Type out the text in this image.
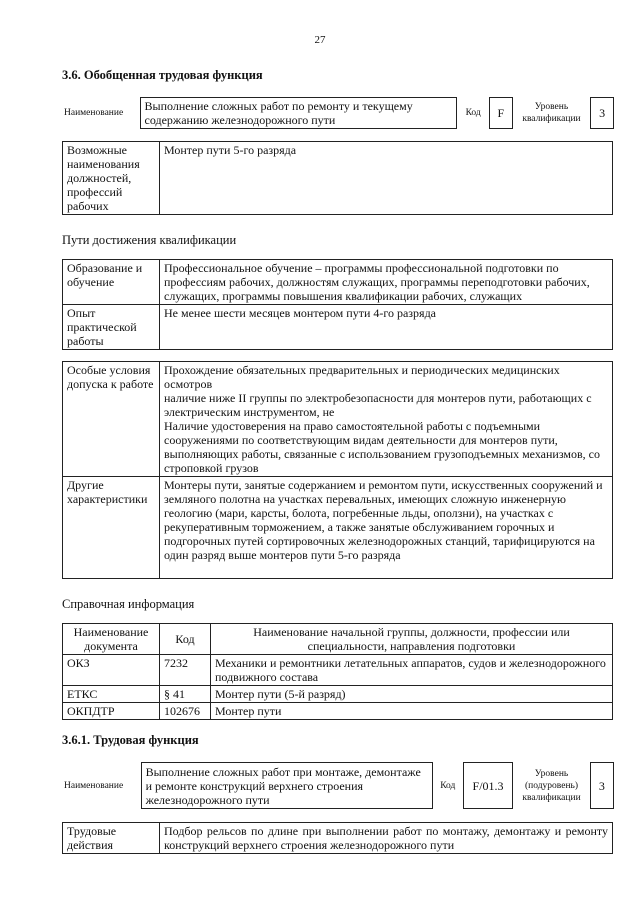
27
3.6. Обобщенная трудовая функция
Наименование	Выполнение сложных работ по ремонту и текущему содержанию железнодорожного пути	Код	F	Уровень квалификации	3
Возможные наименования должностей, профессий рабочих	Монтер пути 5-го разряда
Пути достижения квалификации
Образование и обучение	Профессиональное обучение – программы профессиональной подготовки по профессиям рабочих, должностям служащих, программы переподготовки рабочих, служащих, программы повышения квалификации рабочих, служащих
Опыт практической работы	Не менее шести месяцев монтером пути 4-го разряда
Особые условия допуска к работе	Прохождение обязательных предварительных и периодических медицинских осмотров
наличие ниже II группы по электробезопасности для монтеров пути, работающих с электрическим инструментом, не
Наличие удостоверения на право самостоятельной работы с подъемными сооружениями по соответствующим видам деятельности для монтеров пути, выполняющих работы, связанные с использованием грузоподъемных механизмов, со строповкой грузов
Другие характеристики	Монтеры пути, занятые содержанием и ремонтом пути, искусственных сооружений и земляного полотна на участках перевальных, имеющих сложную инженерную геологию (мари, карсты, болота, погребенные льды, оползни), на участках с рекуперативным торможением, а также занятые обслуживанием горочных и подгорочных путей сортировочных железнодорожных станций, тарифицируются на один разряд выше монтеров пути 5-го разряда
Справочная информация
Наименование документа	Код	Наименование начальной группы, должности, профессии или специальности, направления подготовки
ОКЗ	7232	Механики и ремонтники летательных аппаратов, судов и железнодорожного подвижного состава
ЕТКС	§ 41	Монтер пути (5-й разряд)
ОКПДТР	102676	Монтер пути
3.6.1. Трудовая функция
Наименование	Выполнение сложных работ при монтаже, демонтаже и ремонте конструкций верхнего строения железнодорожного пути	Код	F/01.3	Уровень (подуровень) квалификации	3
Трудовые действия	Подбор рельсов по длине при выполнении работ по монтажу, демонтажу и ремонту конструкций верхнего строения железнодорожного пути
